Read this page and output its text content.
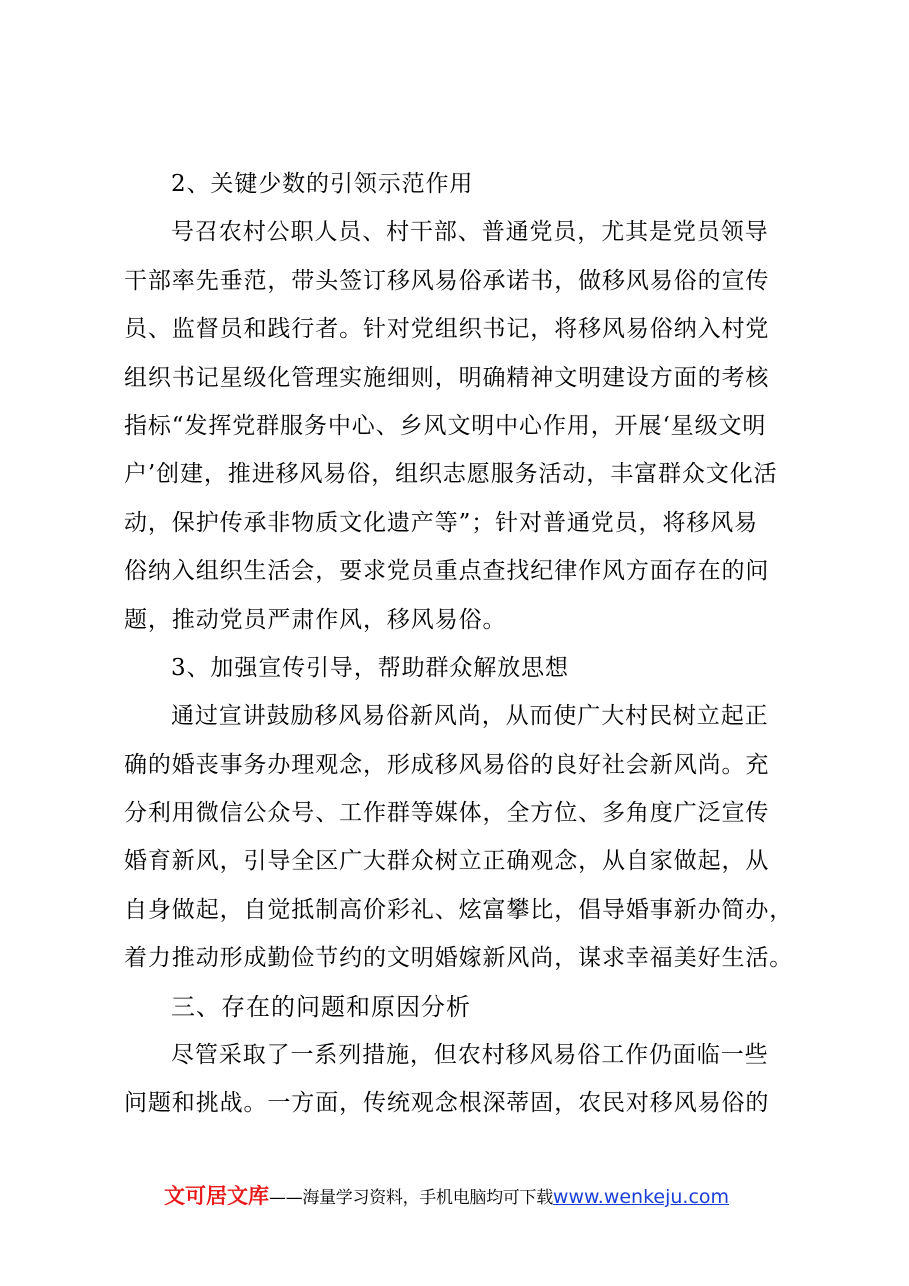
2、关键少数的引领示范作用
号召农村公职人员、村干部、普通党员，尤其是党员领导
干部率先垂范，带头签订移风易俗承诺书，做移风易俗的宣传
员、监督员和践行者。针对党组织书记，将移风易俗纳入村党
组织书记星级化管理实施细则，明确精神文明建设方面的考核
指标“发挥党群服务中心、乡风文明中心作用，开展‘星级文明
户’创建，推进移风易俗，组织志愿服务活动，丰富群众文化活
动，保护传承非物质文化遗产等”；针对普通党员，将移风易
俗纳入组织生活会，要求党员重点查找纪律作风方面存在的问
题，推动党员严肃作风，移风易俗。
3、加强宣传引导，帮助群众解放思想
通过宣讲鼓励移风易俗新风尚，从而使广大村民树立起正
确的婚丧事务办理观念，形成移风易俗的良好社会新风尚。充
分利用微信公众号、工作群等媒体，全方位、多角度广泛宣传
婚育新风，引导全区广大群众树立正确观念，从自家做起，从
自身做起，自觉抵制高价彩礼、炫富攀比，倡导婚事新办简办，
着力推动形成勤俭节约的文明婚嫁新风尚，谋求幸福美好生活。
三、存在的问题和原因分析
尽管采取了一系列措施，但农村移风易俗工作仍面临一些
问题和挑战。一方面，传统观念根深蒂固，农民对移风易俗的
文可居文库——海量学习资料，手机电脑均可下载www.wenkeju.com
